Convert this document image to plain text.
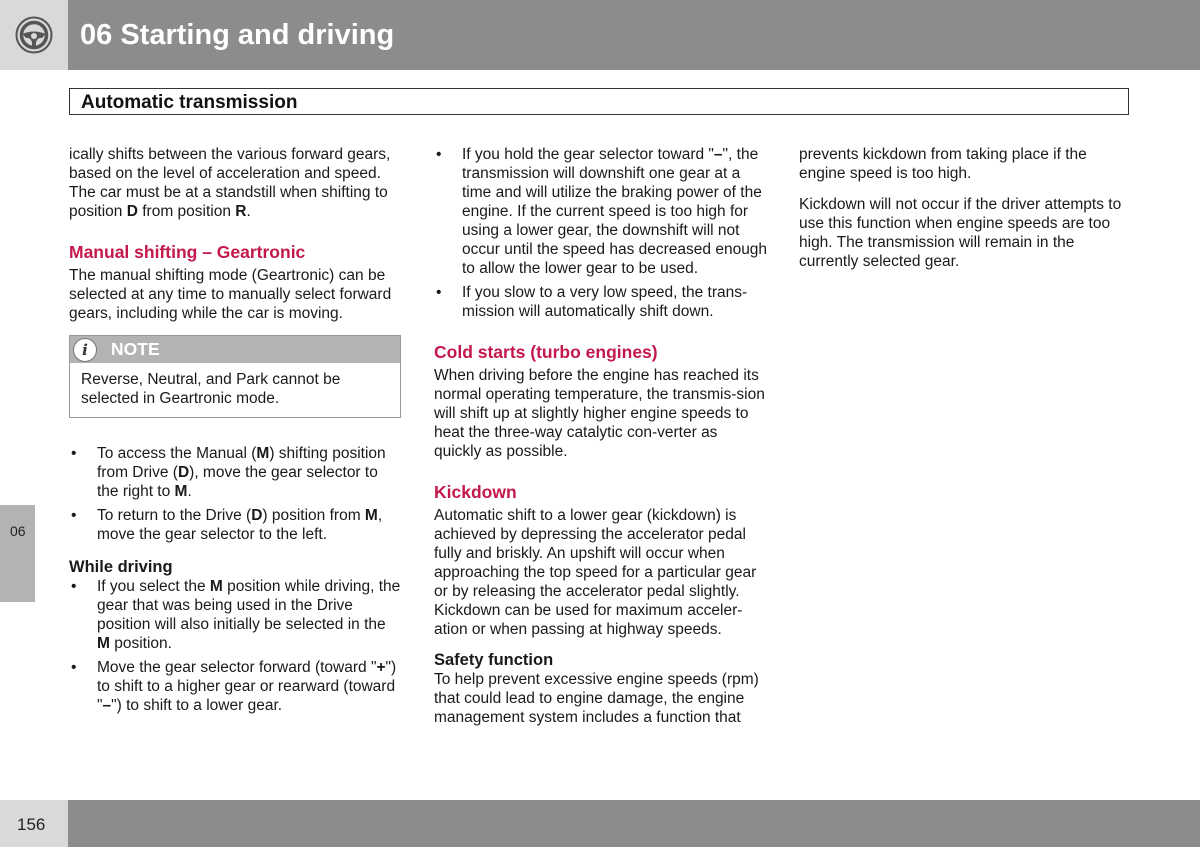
06 Starting and driving
Automatic transmission

ically shifts between the various forward gears, based on the level of acceleration and speed. The car must be at a standstill when shifting to position D from position R.

Manual shifting – Geartronic

The manual shifting mode (Geartronic) can be selected at any time to manually select forward gears, including while the car is moving.

i	NOTE
Reverse, Neutral, and Park cannot be selected in Geartronic mode.
• To access the Manual (M) shifting position from Drive (D), move the gear selector to the right to M.
• To return to the Drive (D) position from M, move the gear selector to the left.
While driving
• If you select the M position while driving, the gear that was being used in the Drive position will also initially be selected in the M position.
• Move the gear selector forward (toward "+") to shift to a higher gear or rearward (toward "–") to shift to a lower gear.
• If you hold the gear selector toward "–", the transmission will downshift one gear at a time and will utilize the braking power of the engine. If the current speed is too high for using a lower gear, the downshift will not occur until the speed has decreased enough to allow the lower gear to be used.
• If you slow to a very low speed, the trans-mission will automatically shift down.
Cold starts (turbo engines)

When driving before the engine has reached its normal operating temperature, the transmis-sion will shift up at slightly higher engine speeds to heat the three-way catalytic con-verter as quickly as possible.

Kickdown

Automatic shift to a lower gear (kickdown) is achieved by depressing the accelerator pedal fully and briskly. An upshift will occur when approaching the top speed for a particular gear or by releasing the accelerator pedal slightly. Kickdown can be used for maximum acceler-ation or when passing at highway speeds.

Safety function

To help prevent excessive engine speeds (rpm) that could lead to engine damage, the engine management system includes a function that

prevents kickdown from taking place if the engine speed is too high.

Kickdown will not occur if the driver attempts to use this function when engine speeds are too high. The transmission will remain in the currently selected gear.

06
156
